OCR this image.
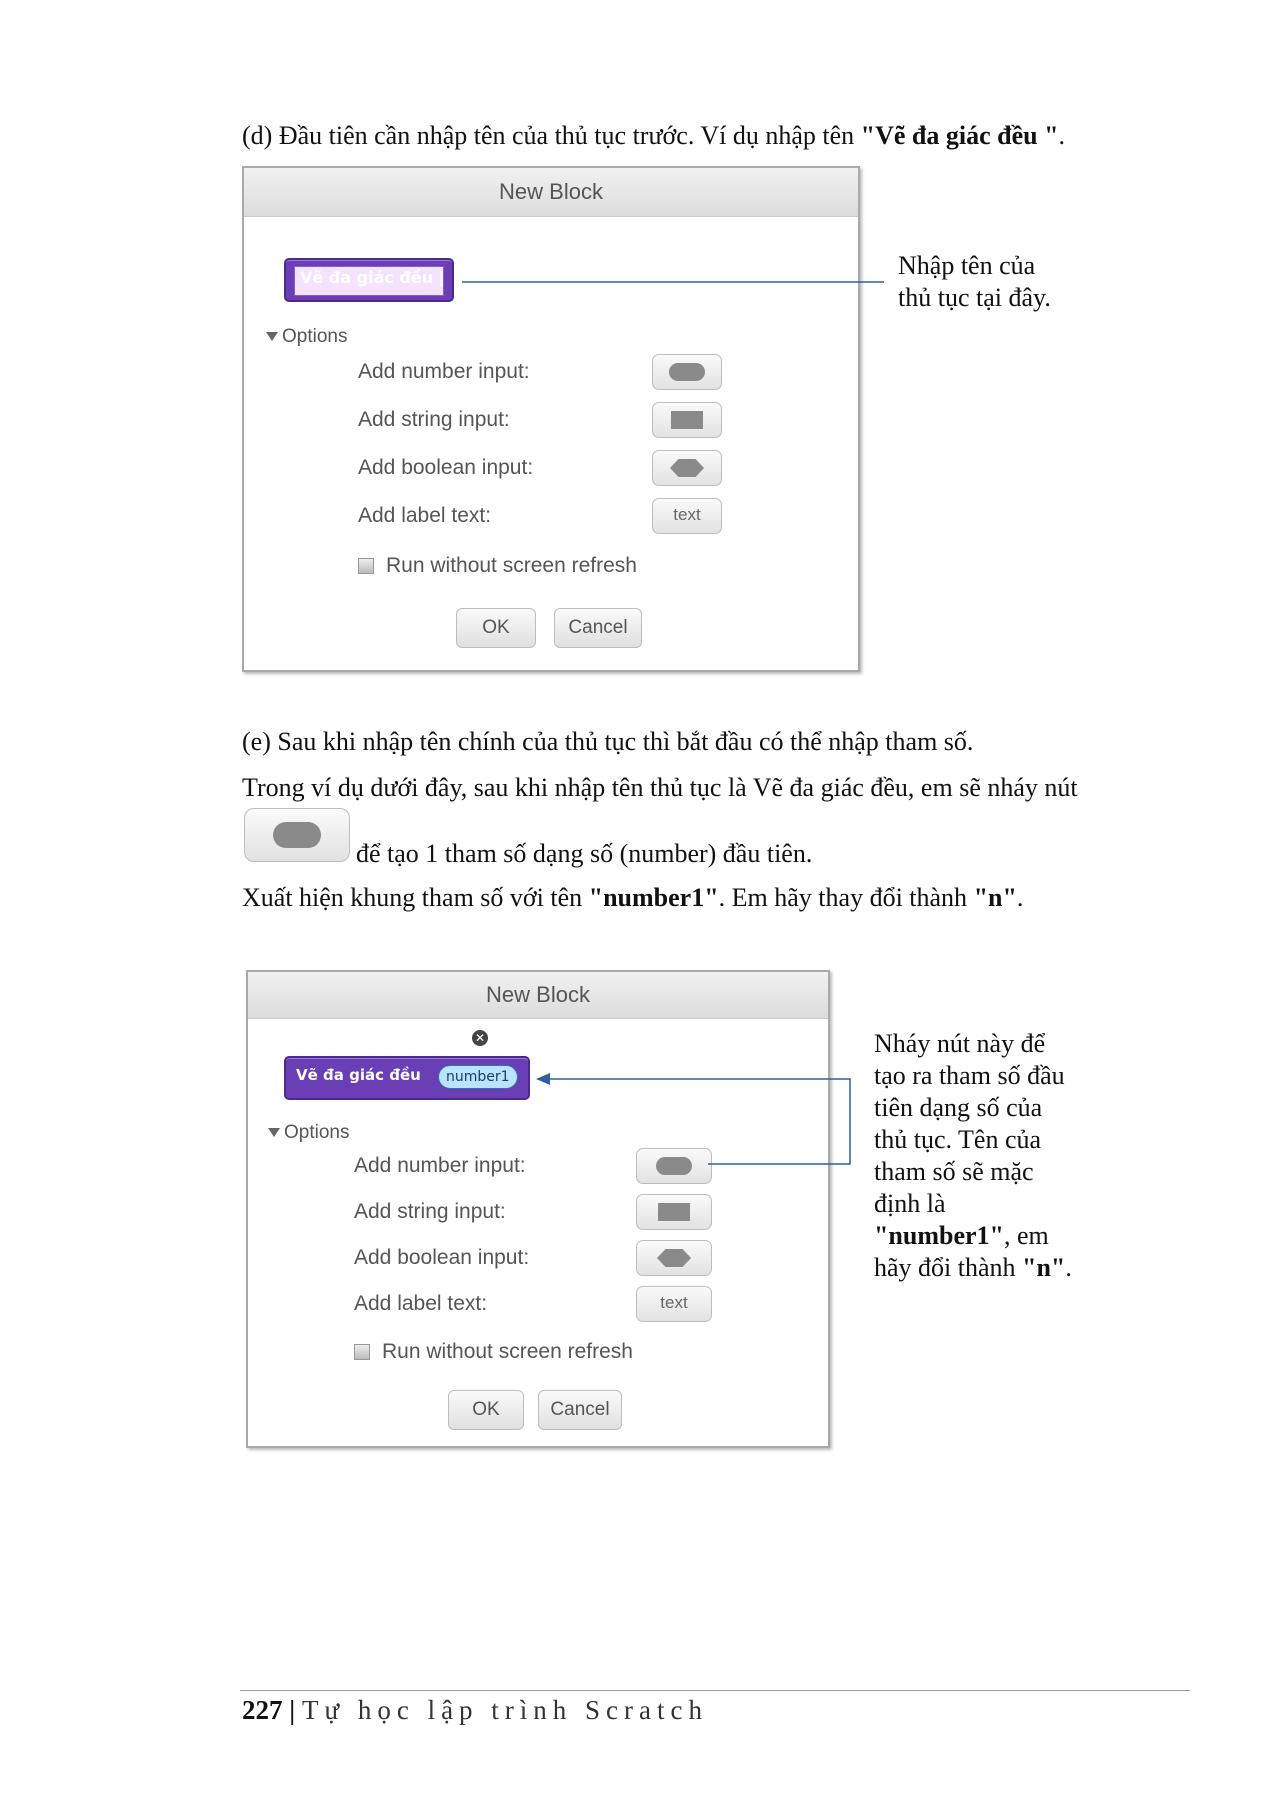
(d) Đầu tiên cần nhập tên của thủ tục trước. Ví dụ nhập tên "Vẽ đa giác đều ".
New Block
Vẽ đa giác đều |
Options
Add number input:
Add string input:
Add boolean input:
Add label text:	text
Run without screen refresh
OK	Cancel
Nhập tên của
thủ tục tại đây.
(e) Sau khi nhập tên chính của thủ tục thì bắt đầu có thể nhập tham số.
Trong ví dụ dưới đây, sau khi nhập tên thủ tục là Vẽ đa giác đều, em sẽ nháy nút
để tạo 1 tham số dạng số (number) đầu tiên.
Xuất hiện khung tham số với tên "number1". Em hãy thay đổi thành "n".
New Block
✕
Vẽ đa giác đều	number1
Options
Add number input:
Add string input:
Add boolean input:
Add label text:	text
Run without screen refresh
OK	Cancel
Nháy nút này để
tạo ra tham số đầu
tiên dạng số của
thủ tục. Tên của
tham số sẽ mặc
định là
"number1", em
hãy đổi thành "n".
227 | Tự học lập trình Scratch
